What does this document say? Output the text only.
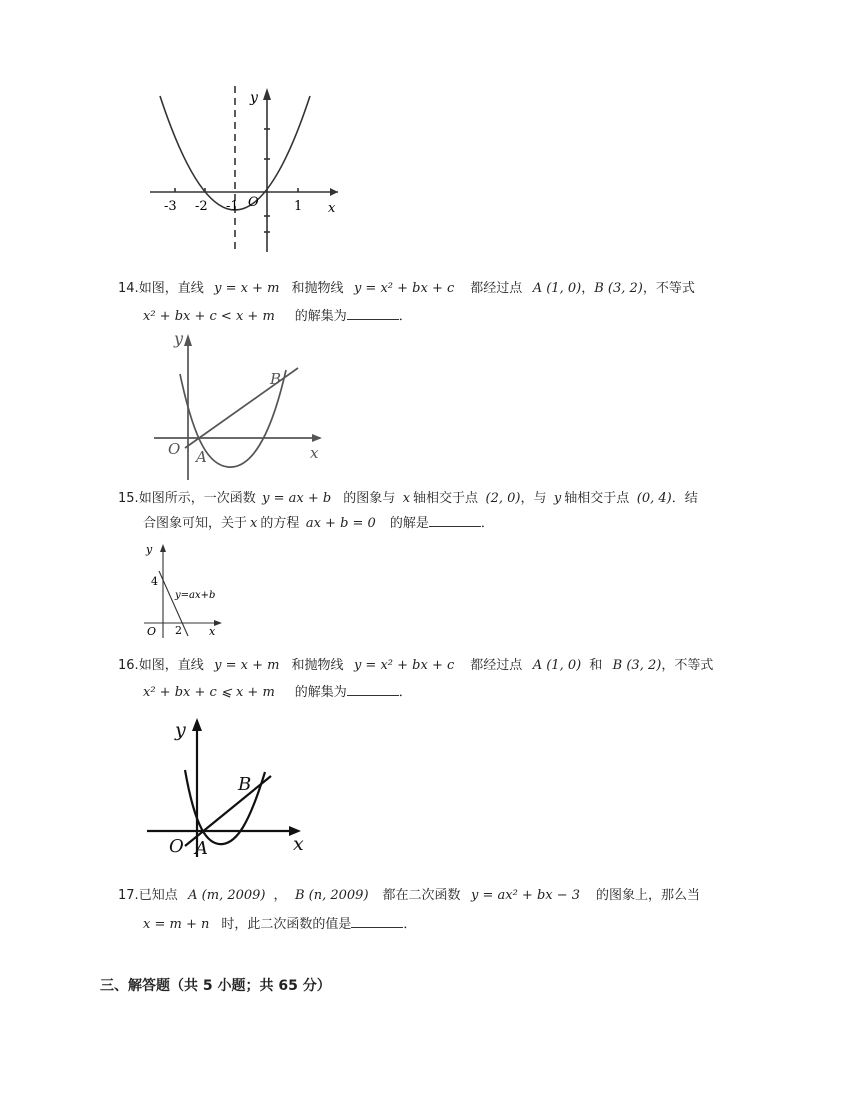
y
x
O
-3 -2 -1	1
14.如图，直线 y = x + m 和抛物线 y = x² + bx + c 都经过点 A (1, 0)，B (3, 2)，不等式
x² + bx + c < x + m 的解集为	．
y
x
O A
B
15.如图所示，一次函数 y = ax + b 的图象与 x 轴相交于点 (2, 0)，与 y 轴相交于点 (0, 4)．结
合图象可知，关于 x 的方程 ax + b = 0 的解是	．
y
4
y=ax+b
O 2 x
16.如图，直线 y = x + m 和抛物线 y = x² + bx + c 都经过点 A (1, 0) 和 B (3, 2)，不等式
x² + bx + c ⩽ x + m 的解集为	．
y
x
O A
B
17.已知点 A (m, 2009) ， B (n, 2009) 都在二次函数 y = ax² + bx − 3 的图象上，那么当
x = m + n 时，此二次函数的值是	．
三、解答题（共 5 小题；共 65 分）
